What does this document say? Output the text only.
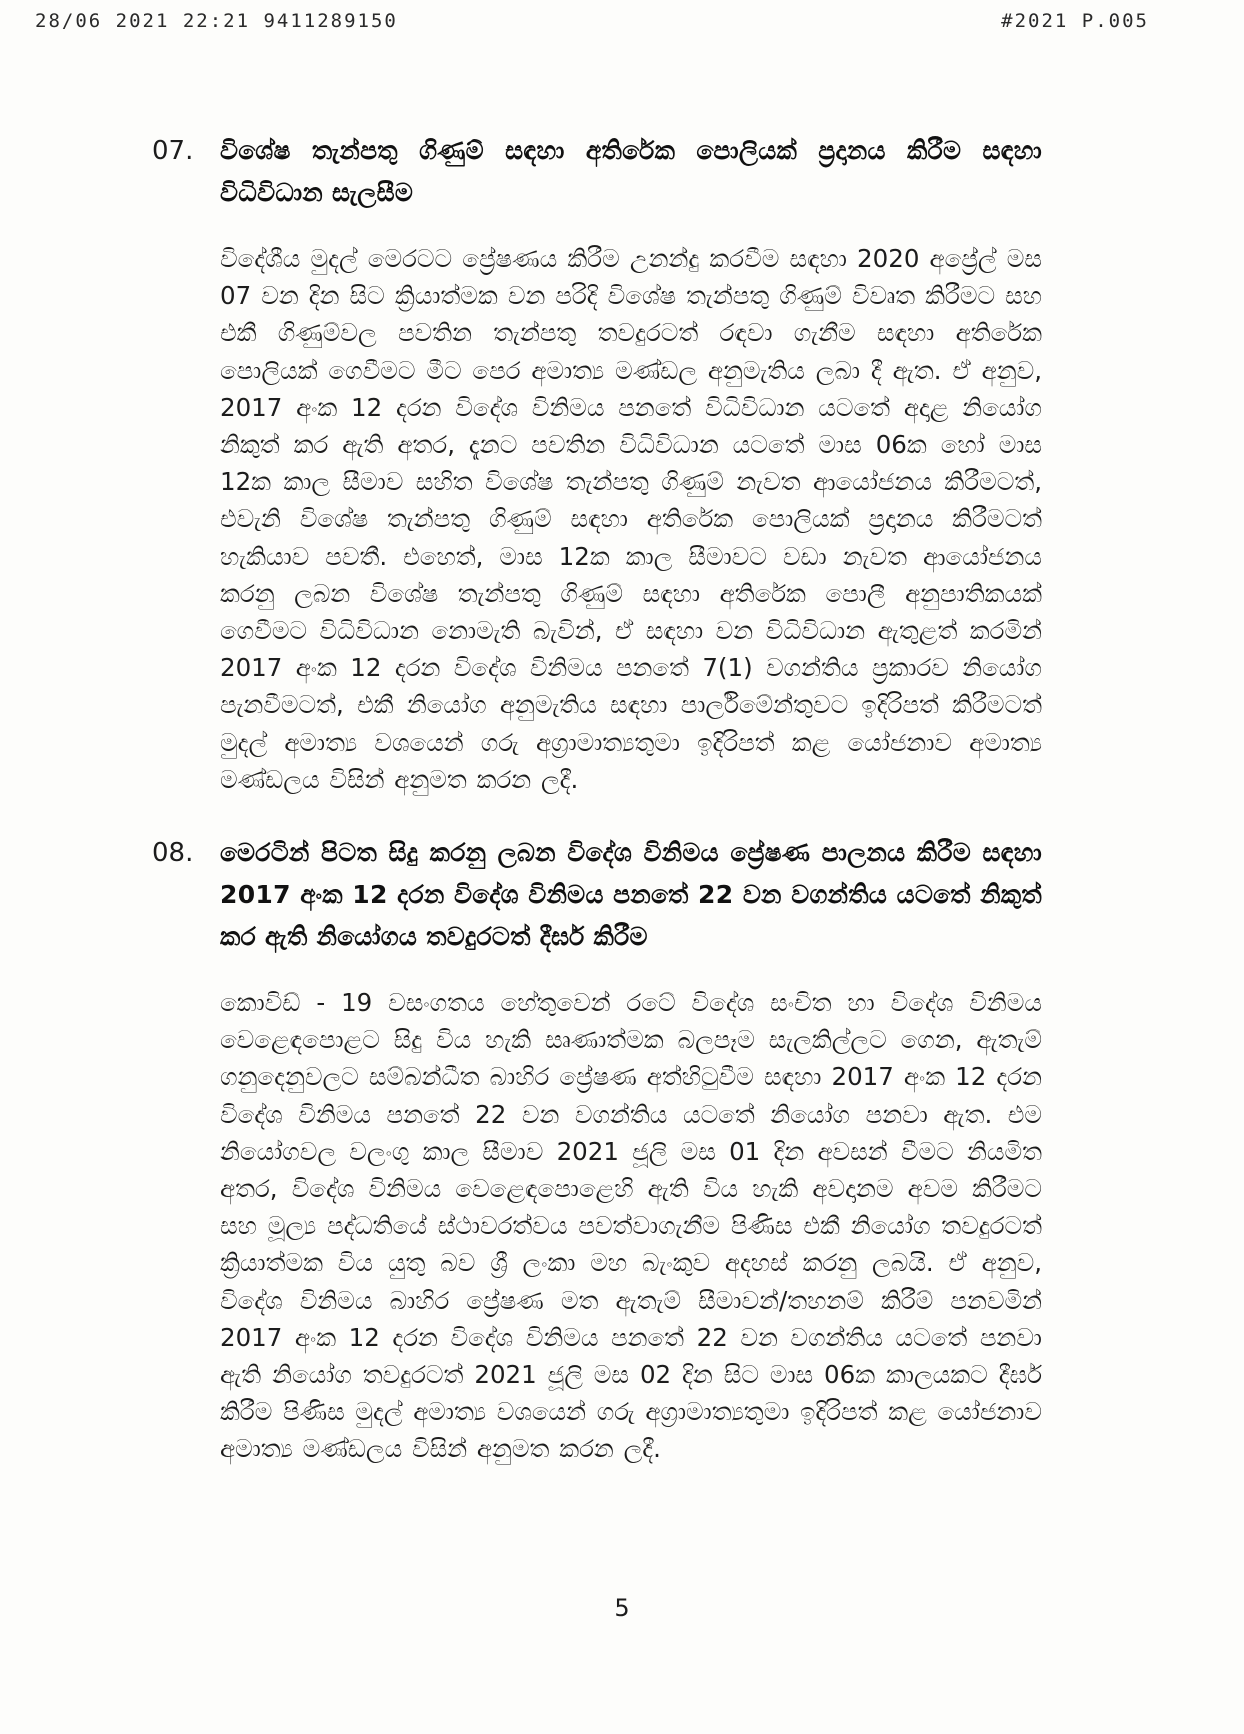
28/06 2021 22:21 9411289150	#2021 P.005
07.	විශේෂ තැන්පතු ගිණුම් සඳහා අතිරේක පොලියක් ප්‍රදානය කිරීම සඳහා විධිවිධාන සැලසීම
විදේශීය මුදල් මෙරටට ප්‍රේෂණය කිරීම උනන්දු කරවීම සඳහා 2020 අප්‍රේල් මස 07 වන දින සිට ක්‍රියාත්මක වන පරිදි විශේෂ තැන්පතු ගිණුම් විවෘත කිරීමට සහ එකී ගිණුම්වල පවතින තැන්පතු තවදුරටත් රඳවා ගැනීම සඳහා අතිරේක පොලියක් ගෙවීමට මීට පෙර අමාත්‍ය මණ්ඩල අනුමැතිය ලබා දී ඇත. ඒ අනුව, 2017 අංක 12 දරන විදේශ විනිමය පනතේ විධිවිධාන යටතේ අදාළ නියෝග නිකුත් කර ඇති අතර, දැනට පවතින විධිවිධාන යටතේ මාස 06ක හෝ මාස 12ක කාල සීමාව සහිත විශේෂ තැන්පතු ගිණුම් නැවත ආයෝජනය කිරීමටත්, එවැනි විශේෂ තැන්පතු ගිණුම් සඳහා අතිරේක පොලියක් ප්‍රදානය කිරීමටත් හැකියාව පවතී. එහෙත්, මාස 12ක කාල සීමාවට වඩා නැවත ආයෝජනය කරනු ලබන විශේෂ තැන්පතු ගිණුම් සඳහා අතිරේක පොලී අනුපාතිකයක් ගෙවීමට විධිවිධාන නොමැති බැවින්, ඒ සඳහා වන විධිවිධාන ඇතුළත් කරමින් 2017 අංක 12 දරන විදේශ විනිමය පනතේ 7(1) වගන්තිය ප්‍රකාරව නියෝග පැනවීමටත්, එකී නියෝග අනුමැතිය සඳහා පාර්ලිමේන්තුවට ඉදිරිපත් කිරීමටත් මුදල් අමාත්‍ය වශයෙන් ගරු අග්‍රාමාත්‍යතුමා ඉදිරිපත් කළ යෝජනාව අමාත්‍ය මණ්ඩලය විසින් අනුමත කරන ලදී.
08.	මෙරටින් පිටත සිදු කරනු ලබන විදේශ විනිමය ප්‍රේෂණ පාලනය කිරීම සඳහා 2017 අංක 12 දරන විදේශ විනිමය පනතේ 22 වන වගන්තිය යටතේ නිකුත් කර ඇති නියෝගය තවදුරටත් දීර්ඝ කිරීම
කොවිඩ් - 19 වසංගතය හේතුවෙන් රටේ විදේශ සංචිත හා විදේශ විනිමය වෙළෙඳපොළට සිදු විය හැකි සෘණාත්මක බලපෑම සැලකිල්ලට ගෙන, ඇතැම් ගනුදෙනුවලට සම්බන්ධීත බාහිර ප්‍රේෂණ අත්හිටුවීම සඳහා 2017 අංක 12 දරන විදේශ විනිමය පනතේ 22 වන වගන්තිය යටතේ නියෝග පනවා ඇත. එම නියෝගවල වලංගු කාල සීමාව 2021 ජූලි මස 01 දින අවසන් වීමට නියමිත අතර, විදේශ විනිමය වෙළෙඳපොළෙහි ඇති විය හැකි අවදානම අවම කිරීමට සහ මූල්‍ය පද්ධතියේ ස්ථාවරත්වය පවත්වාගැනීම පිණිස එකී නියෝග තවදුරටත් ක්‍රියාත්මක විය යුතු බව ශ්‍රී ලංකා මහ බැංකුව අදහස් කරනු ලබයි. ඒ අනුව, විදේශ විනිමය බාහිර ප්‍රේෂණ මත ඇතැම් සීමාවන්/තහනම් කිරීම් පනවමින් 2017 අංක 12 දරන විදේශ විනිමය පනතේ 22 වන වගන්තිය යටතේ පනවා ඇති නියෝග තවදුරටත් 2021 ජූලි මස 02 දින සිට මාස 06ක කාලයකට දීර්ඝ කිරීම පිණිස මුදල් අමාත්‍ය වශයෙන් ගරු අග්‍රාමාත්‍යතුමා ඉදිරිපත් කළ යෝජනාව අමාත්‍ය මණ්ඩලය විසින් අනුමත කරන ලදී.
5
